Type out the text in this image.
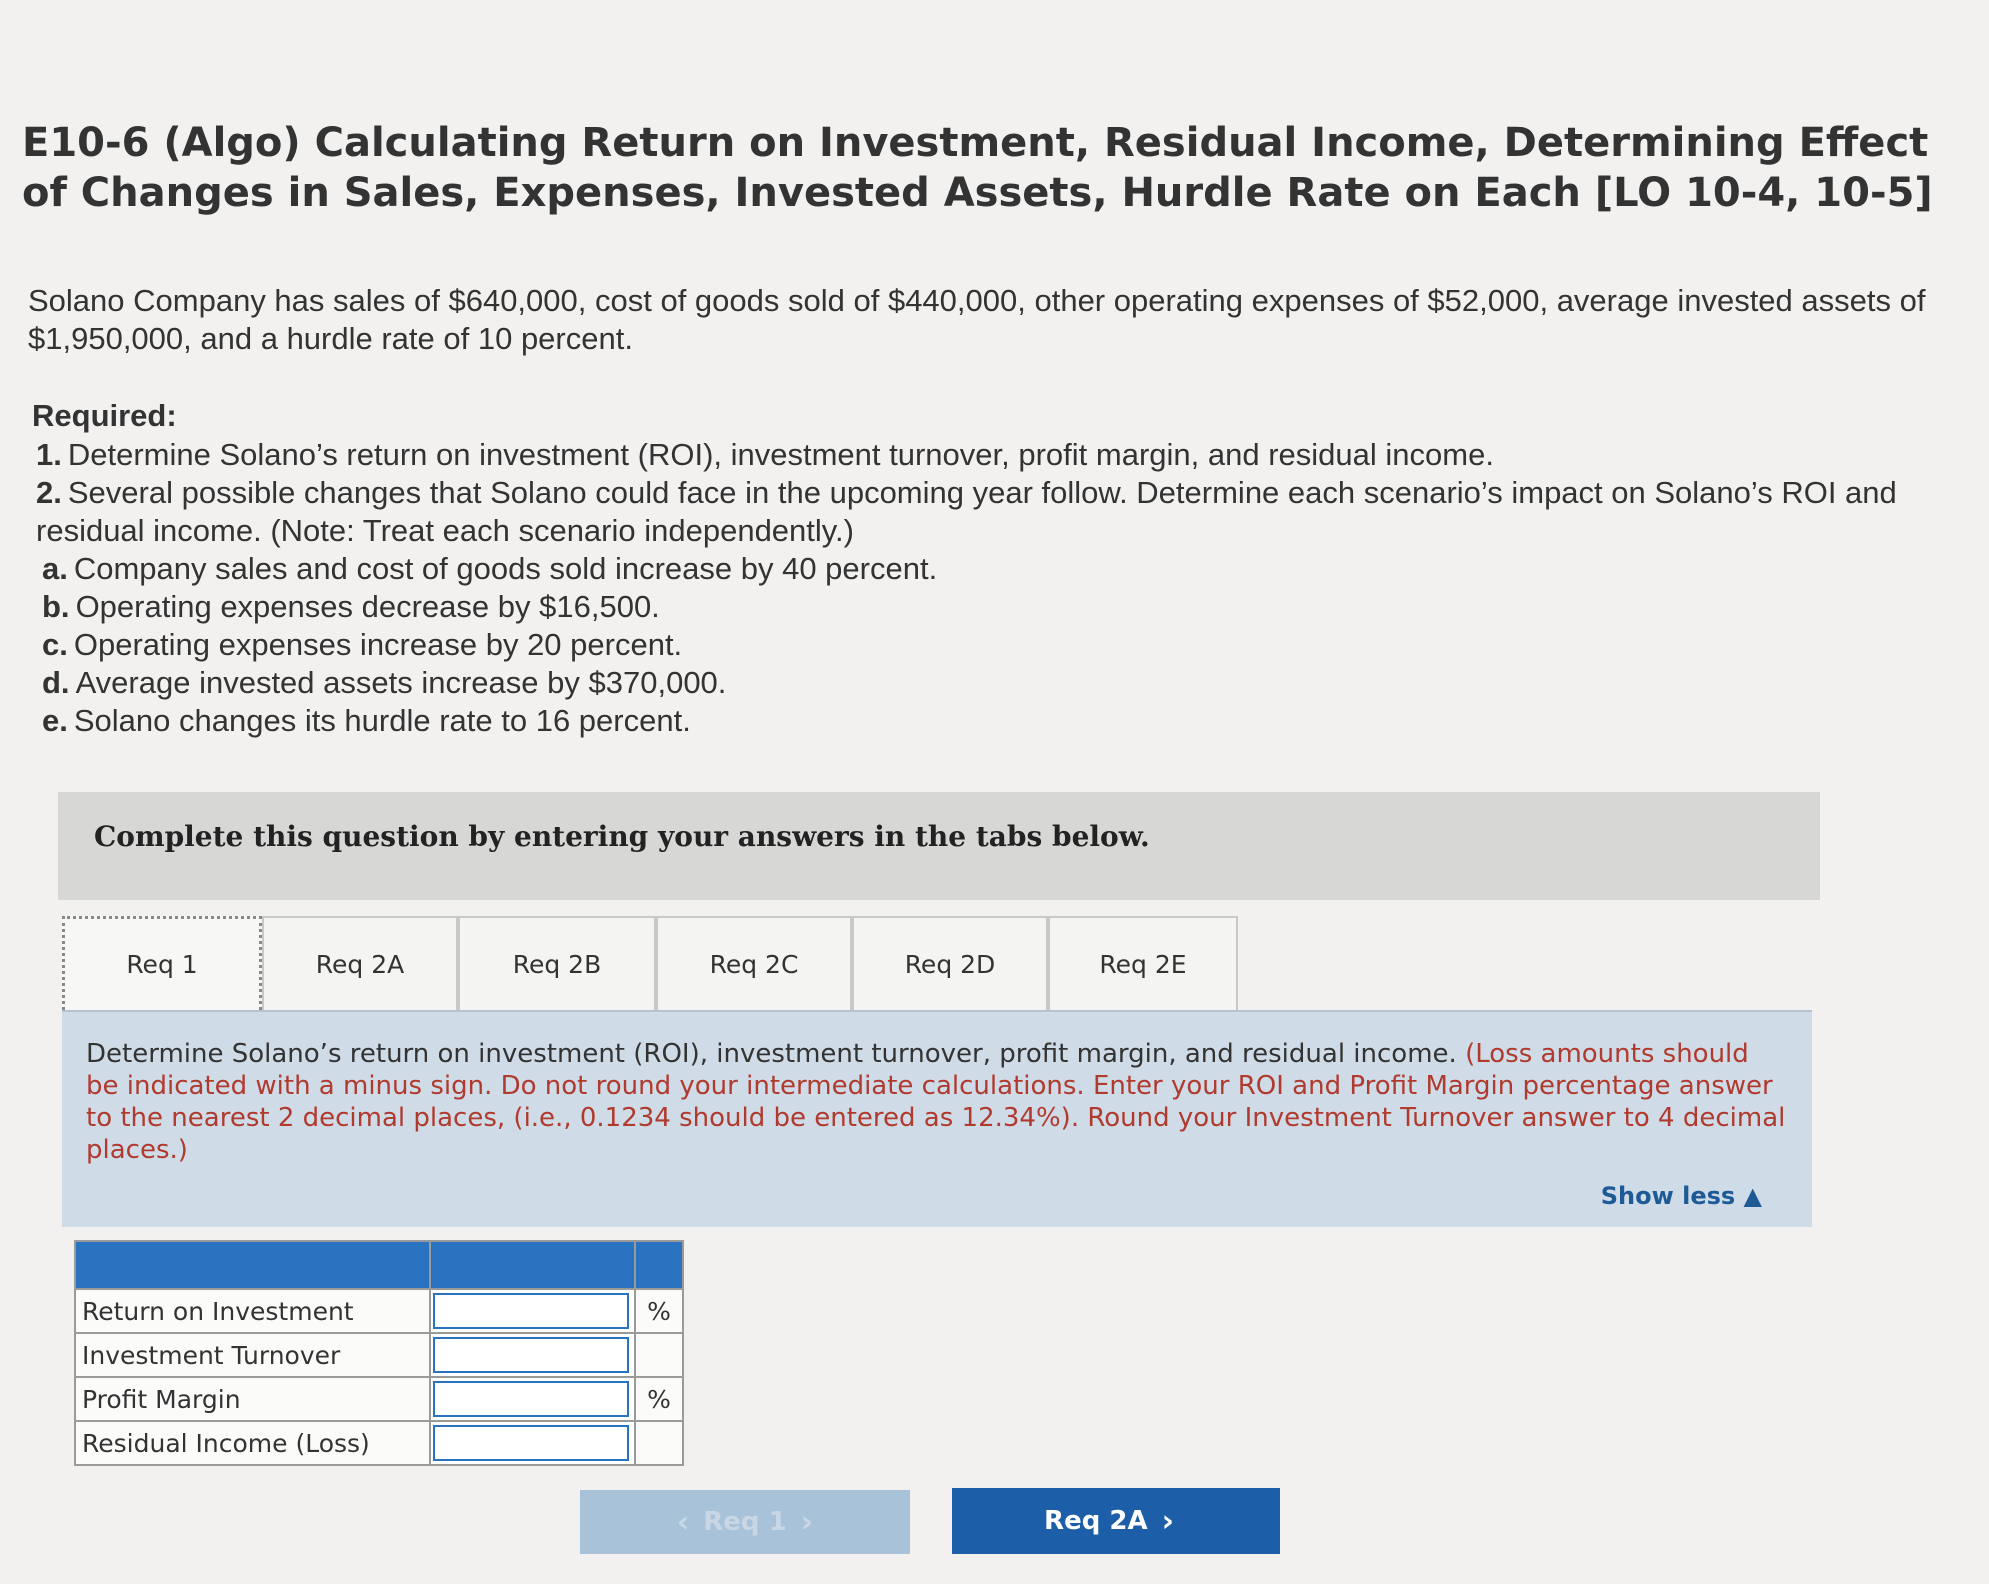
E10-6 (Algo) Calculating Return on Investment, Residual Income, Determining Effect of Changes in Sales, Expenses, Invested Assets, Hurdle Rate on Each [LO 10-4, 10-5]
Solano Company has sales of $640,000, cost of goods sold of $440,000, other operating expenses of $52,000, average invested assets of $1,950,000, and a hurdle rate of 10 percent.
Required:
1. Determine Solano’s return on investment (ROI), investment turnover, profit margin, and residual income.
2. Several possible changes that Solano could face in the upcoming year follow. Determine each scenario’s impact on Solano’s ROI and residual income. (Note: Treat each scenario independently.)
a. Company sales and cost of goods sold increase by 40 percent.
b. Operating expenses decrease by $16,500.
c. Operating expenses increase by 20 percent.
d. Average invested assets increase by $370,000.
e. Solano changes its hurdle rate to 16 percent.
Complete this question by entering your answers in the tabs below.
Req 1	Req 2A	Req 2B	Req 2C	Req 2D	Req 2E
Determine Solano’s return on investment (ROI), investment turnover, profit margin, and residual income. (Loss amounts should be indicated with a minus sign. Do not round your intermediate calculations. Enter your ROI and Profit Margin percentage answer to the nearest 2 decimal places, (i.e., 0.1234 should be entered as 12.34%). Round your Investment Turnover answer to 4 decimal places.)
Show less ▲

Return on Investment		%
Investment Turnover		
Profit Margin		%
Residual Income (Loss)		
‹ Req 1 ›	Req 2A ›
